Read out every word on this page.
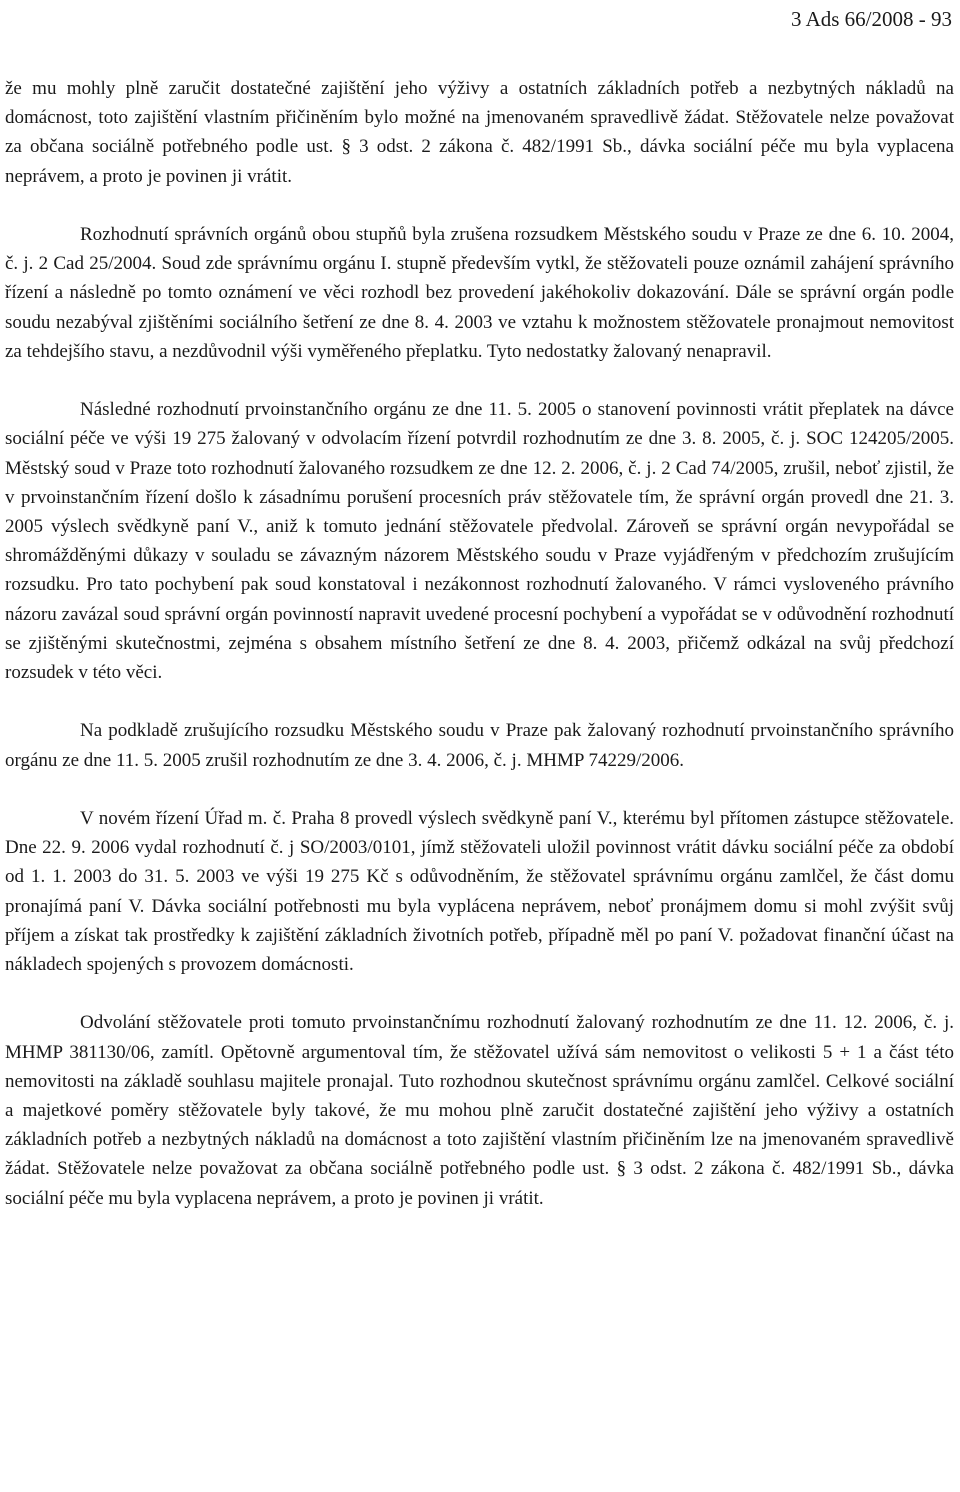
3 Ads 66/2008 - 93

že mu mohly plně zaručit dostatečné zajištění jeho výživy a ostatních základních potřeb a nezbytných nákladů na domácnost, toto zajištění vlastním přičiněním bylo možné na jmenovaném spravedlivě žádat. Stěžovatele nelze považovat za občana sociálně potřebného podle ust. § 3 odst. 2 zákona č. 482/1991 Sb., dávka sociální péče mu byla vyplacena neprávem, a proto je povinen ji vrátit.

Rozhodnutí správních orgánů obou stupňů byla zrušena rozsudkem Městského soudu v Praze ze dne 6. 10. 2004, č. j. 2 Cad 25/2004. Soud zde správnímu orgánu I. stupně především vytkl, že stěžovateli pouze oznámil zahájení správního řízení a následně po tomto oznámení ve věci rozhodl bez provedení jakéhokoliv dokazování. Dále se správní orgán podle soudu nezabýval zjištěními sociálního šetření ze dne 8. 4. 2003 ve vztahu k možnostem stěžovatele pronajmout nemovitost za tehdejšího stavu, a nezdůvodnil výši vyměřeného přeplatku. Tyto nedostatky žalovaný nenapravil.

Následné rozhodnutí prvoinstančního orgánu ze dne 11. 5. 2005 o stanovení povinnosti vrátit přeplatek na dávce sociální péče ve výši 19 275 žalovaný v odvolacím řízení potvrdil rozhodnutím ze dne 3. 8. 2005, č. j. SOC 124205/2005. Městský soud v Praze toto rozhodnutí žalovaného rozsudkem ze dne 12. 2. 2006, č. j. 2 Cad 74/2005, zrušil, neboť zjistil, že v prvoinstančním řízení došlo k zásadnímu porušení procesních práv stěžovatele tím, že správní orgán provedl dne 21. 3. 2005 výslech svědkyně paní V., aniž k tomuto jednání stěžovatele předvolal. Zároveň se správní orgán nevypořádal se shromážděnými důkazy v souladu se závazným názorem Městského soudu v Praze vyjádřeným v předchozím zrušujícím rozsudku. Pro tato pochybení pak soud konstatoval i nezákonnost rozhodnutí žalovaného. V rámci vysloveného právního názoru zavázal soud správní orgán povinností napravit uvedené procesní pochybení a vypořádat se v odůvodnění rozhodnutí se zjištěnými skutečnostmi, zejména s obsahem místního šetření ze dne 8. 4. 2003, přičemž odkázal na svůj předchozí rozsudek v této věci.

Na podkladě zrušujícího rozsudku Městského soudu v Praze pak žalovaný rozhodnutí prvoinstančního správního orgánu ze dne 11. 5. 2005 zrušil rozhodnutím ze dne 3. 4. 2006, č. j. MHMP 74229/2006.

V novém řízení Úřad m. č. Praha 8 provedl výslech svědkyně paní V., kterému byl přítomen zástupce stěžovatele. Dne 22. 9. 2006 vydal rozhodnutí č. j SO/2003/0101, jímž stěžovateli uložil povinnost vrátit dávku sociální péče za období od 1. 1. 2003 do 31. 5. 2003 ve výši 19 275 Kč s odůvodněním, že stěžovatel správnímu orgánu zamlčel, že část domu pronajímá paní V. Dávka sociální potřebnosti mu byla vyplácena neprávem, neboť pronájmem domu si mohl zvýšit svůj příjem a získat tak prostředky k zajištění základních životních potřeb, případně měl po paní V. požadovat finanční účast na nákladech spojených s provozem domácnosti.

Odvolání stěžovatele proti tomuto prvoinstančnímu rozhodnutí žalovaný rozhodnutím ze dne 11. 12. 2006, č. j. MHMP 381130/06, zamítl. Opětovně argumentoval tím, že stěžovatel užívá sám nemovitost o velikosti 5 + 1 a část této nemovitosti na základě souhlasu majitele pronajal. Tuto rozhodnou skutečnost správnímu orgánu zamlčel. Celkové sociální a majetkové poměry stěžovatele byly takové, že mu mohou plně zaručit dostatečné zajištění jeho výživy a ostatních základních potřeb a nezbytných nákladů na domácnost a toto zajištění vlastním přičiněním lze na jmenovaném spravedlivě žádat. Stěžovatele nelze považovat za občana sociálně potřebného podle ust. § 3 odst. 2 zákona č. 482/1991 Sb., dávka sociální péče mu byla vyplacena neprávem, a proto je povinen ji vrátit.
